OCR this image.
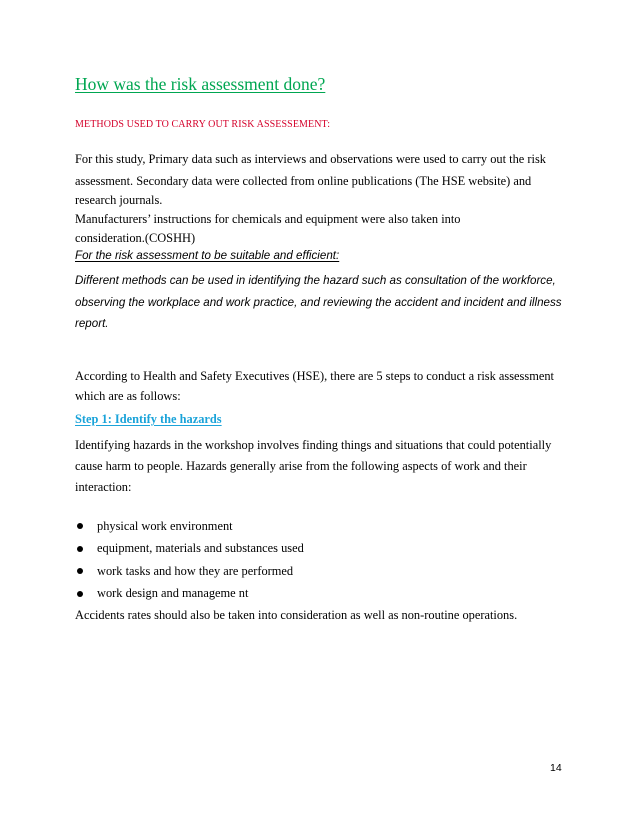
How was the risk assessment done?
METHODS USED TO CARRY OUT RISK ASSESSEMENT:
For this study, Primary data such as interviews and observations were used to carry out the risk
assessment. Secondary data were collected from online publications (The HSE website) and
research journals.
Manufacturers’ instructions for chemicals and equipment were also taken into
consideration.(COSHH)
For the risk assessment to be suitable and efficient:
Different methods can be used in identifying the hazard such as consultation of the workforce,
observing the workplace and work practice, and reviewing the accident and incident and illness
report.
According to Health and Safety Executives (HSE), there are 5 steps to conduct a risk assessment
which are as follows:
Step 1: Identify the hazards
Identifying hazards in the workshop involves finding things and situations that could potentially
cause harm to people. Hazards generally arise from the following aspects of work and their
interaction:
physical work environment
equipment, materials and substances used
work tasks and how they are performed
work design and manageme nt
Accidents rates should also be taken into consideration as well as non-routine operations.
14
